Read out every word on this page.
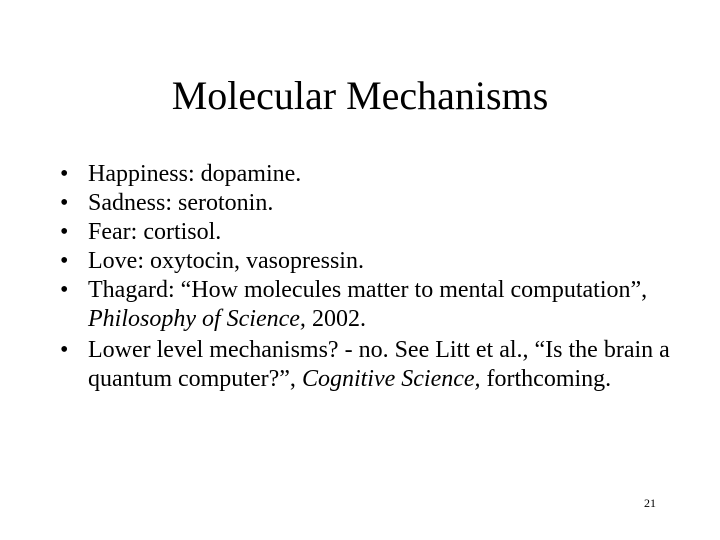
Molecular Mechanisms
• Happiness: dopamine.
• Sadness: serotonin.
• Fear: cortisol.
• Love: oxytocin, vasopressin.
• Thagard: “How molecules matter to mental computation”, Philosophy of Science, 2002.
• Lower level mechanisms? - no. See Litt et al., “Is the brain a quantum computer?”, Cognitive Science, forthcoming.
21
